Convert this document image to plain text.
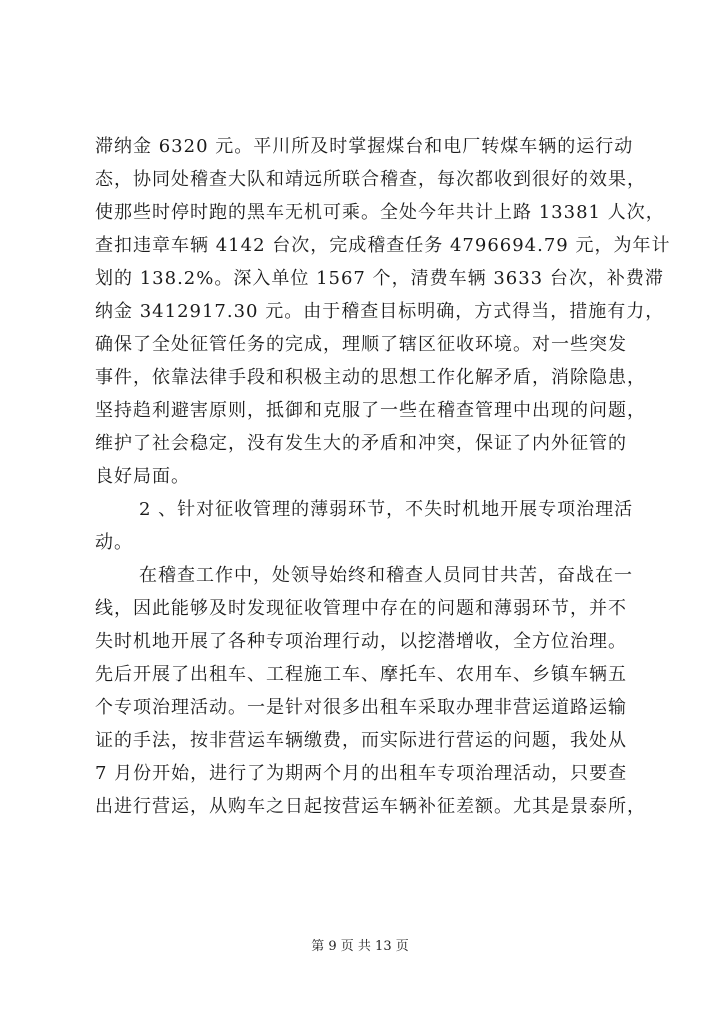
滞纳金 6320 元。平川所及时掌握煤台和电厂转煤车辆的运行动
态，协同处稽查大队和靖远所联合稽查，每次都收到很好的效果，
使那些时停时跑的黑车无机可乘。全处今年共计上路 13381 人次，
查扣违章车辆 4142 台次，完成稽查任务 4796694.79 元，为年计
划的 138.2%。深入单位 1567 个，清费车辆 3633 台次，补费滞
纳金 3412917.30 元。由于稽查目标明确，方式得当，措施有力，
确保了全处征管任务的完成，理顺了辖区征收环境。对一些突发
事件，依靠法律手段和积极主动的思想工作化解矛盾，消除隐患，
坚持趋利避害原则，抵御和克服了一些在稽查管理中出现的问题，
维护了社会稳定，没有发生大的矛盾和冲突，保证了内外征管的
良好局面。
2 、针对征收管理的薄弱环节，不失时机地开展专项治理活
动。
在稽查工作中，处领导始终和稽查人员同甘共苦，奋战在一
线，因此能够及时发现征收管理中存在的问题和薄弱环节，并不
失时机地开展了各种专项治理行动，以挖潜增收，全方位治理。
先后开展了出租车、工程施工车、摩托车、农用车、乡镇车辆五
个专项治理活动。一是针对很多出租车采取办理非营运道路运输
证的手法，按非营运车辆缴费，而实际进行营运的问题，我处从
7 月份开始，进行了为期两个月的出租车专项治理活动，只要查
出进行营运，从购车之日起按营运车辆补征差额。尤其是景泰所，
第 9 页 共 13 页
